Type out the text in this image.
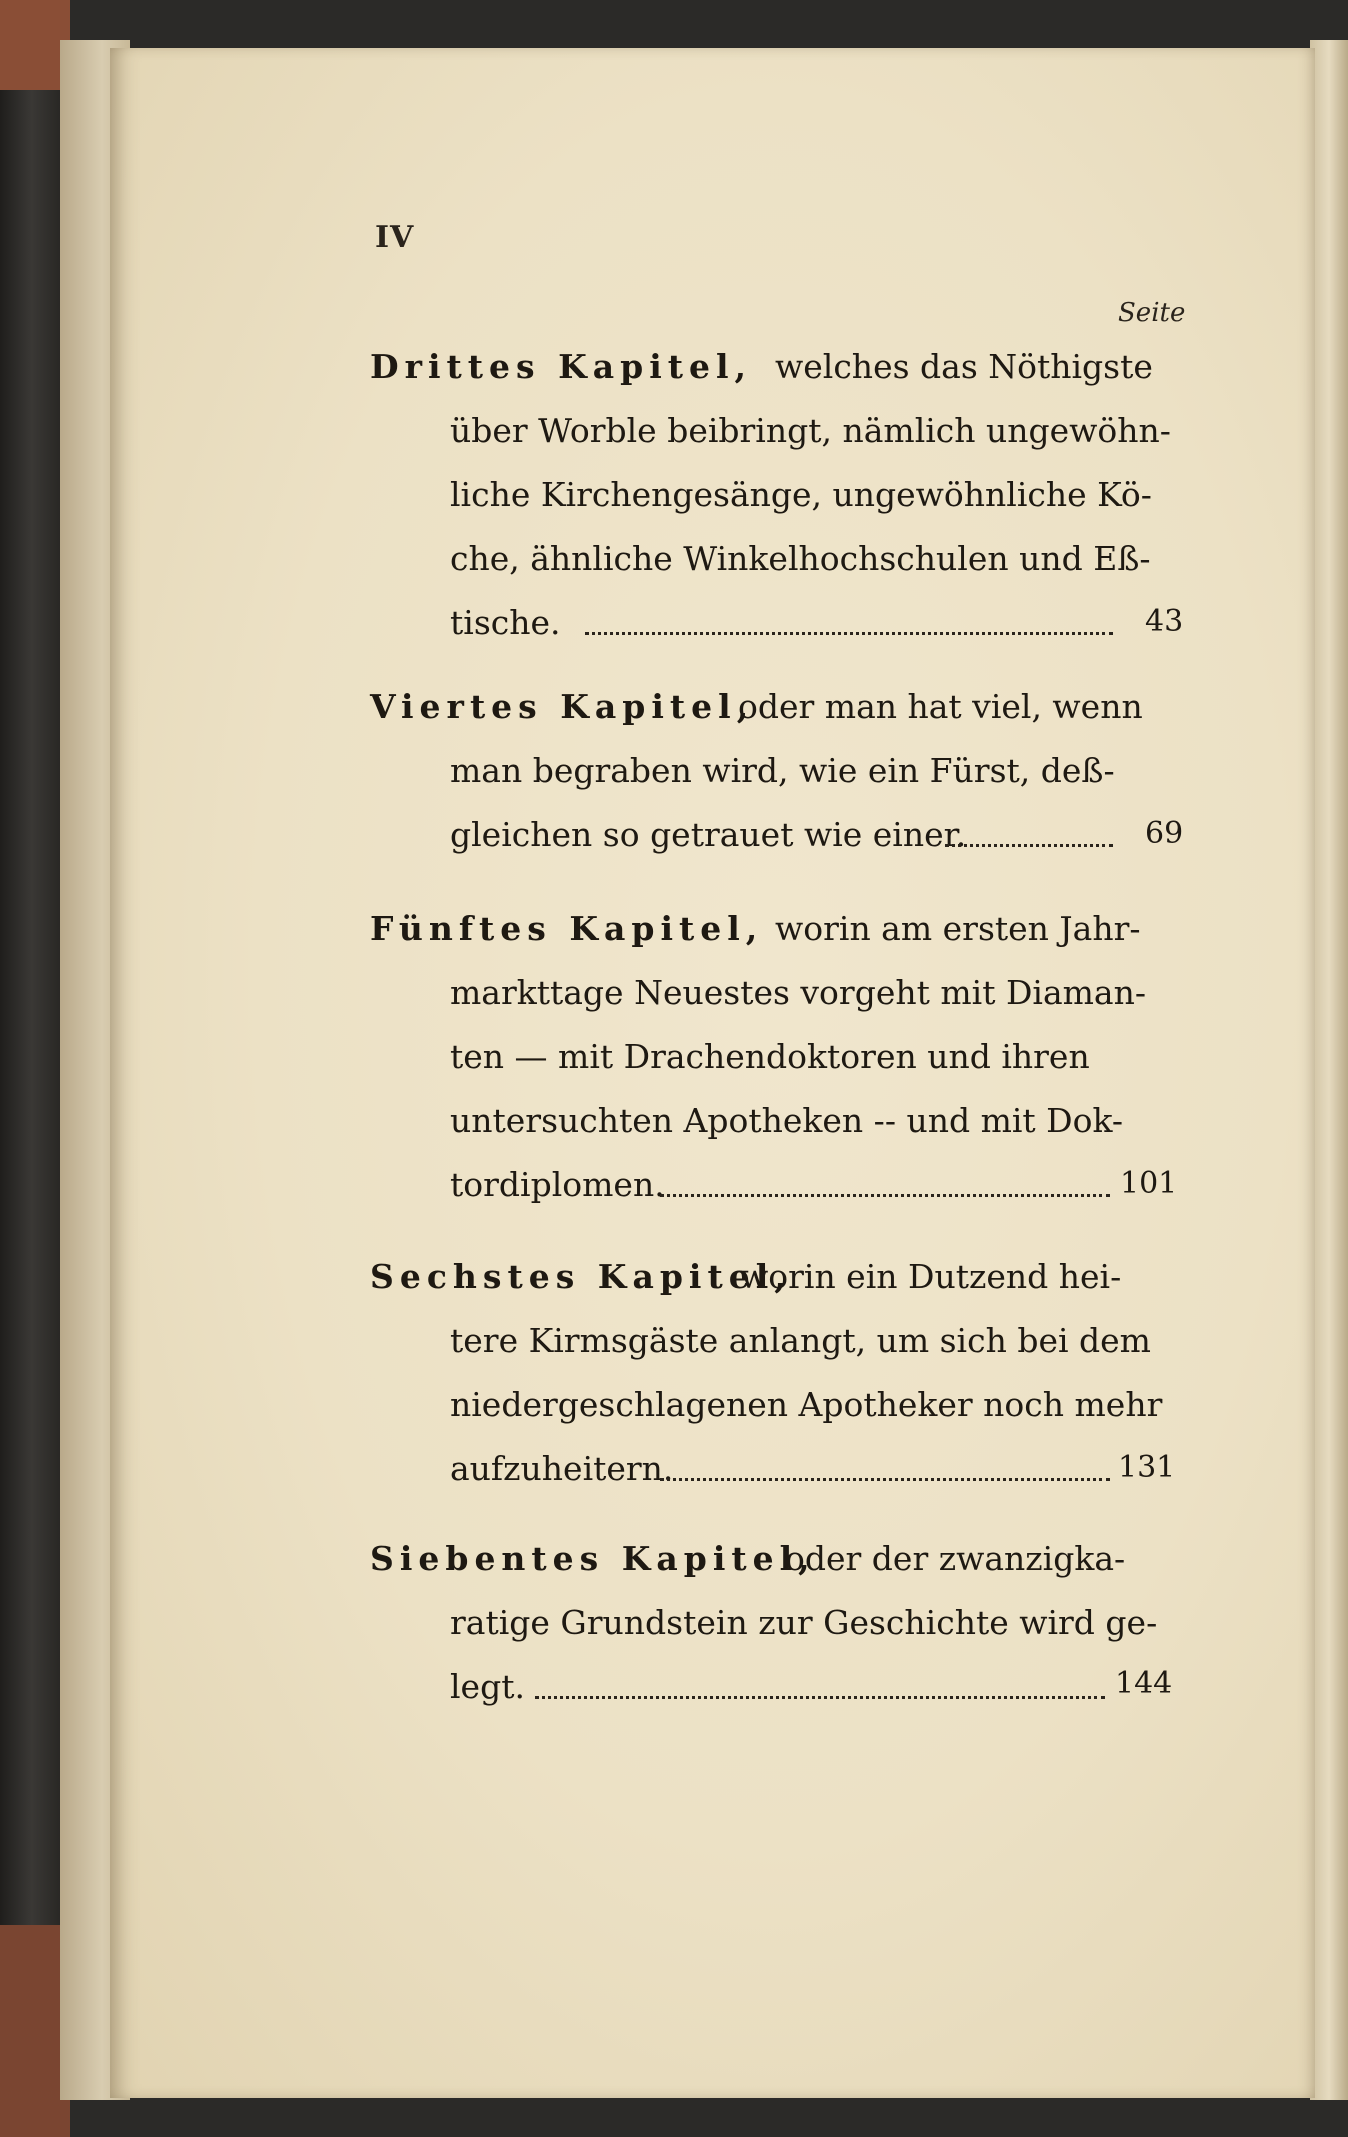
IV
Seite
Drittes Kapitel, welches das Nöthigste
über Worble beibringt, nämlich ungewöhn-
liche Kirchengesänge, ungewöhnliche Kö-
che, ähnliche Winkelhochschulen und Eß-
tische.	43
Viertes Kapitel,
oder man hat viel, wenn
man begraben wird, wie ein Fürst, deß-
gleichen so getrauet wie einer.	69
Fünftes Kapitel, worin am ersten Jahr-
markttage Neuestes vorgeht mit Diaman-
ten — mit Drachendoktoren und ihren
untersuchten Apotheken -- und mit Dok-
tordiplomen.	101
Sechstes Kapitel,
worin ein Dutzend hei-
tere Kirmsgäste anlangt, um sich bei dem
niedergeschlagenen Apotheker noch mehr
aufzuheitern.	131
Siebentes Kapitel,
oder der zwanzigka-
ratige Grundstein zur Geschichte wird ge-
legt.	144
